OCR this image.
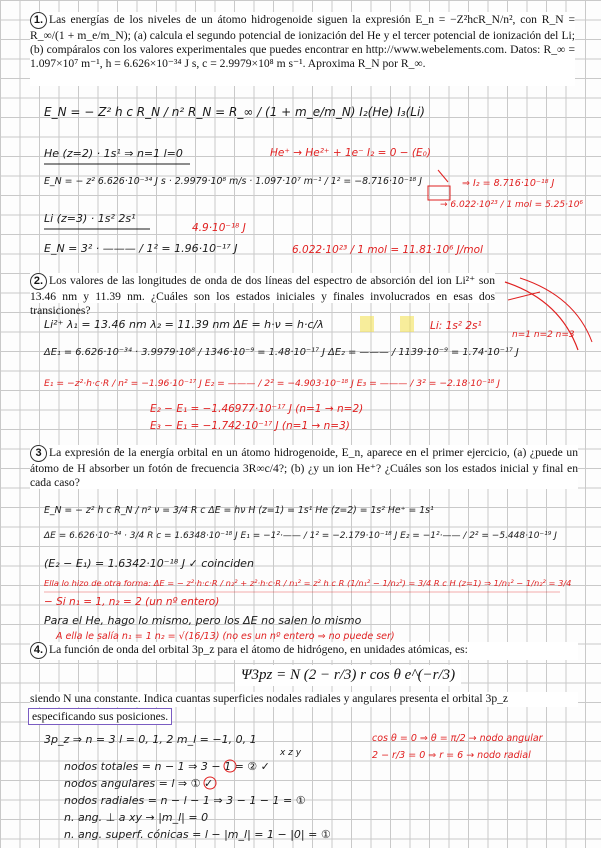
1. Las energías de los niveles de un átomo hidrogenoide siguen la expresión E_n = −Z²hcR_N/n², con R_N = R_∞/(1 + m_e/m_N); (a) calcula el segundo potencial de ionización del He y el tercer potencial de ionización del Li; (b) compáralos con los valores experimentales que puedes encontrar en http://www.webelements.com. Datos: R_∞ = 1.097×10⁷ m⁻¹, h = 6.626×10⁻³⁴ J s, c = 2.9979×10⁸ m s⁻¹. Aproxima R_N por R_∞.
E_N = − Z² h c R_N / n² R_N = R_∞ / (1 + m_e/m_N) I₂(He) I₃(Li)
He (z=2) · 1s¹ ⇒ n=1 l=0	He⁺ → He²⁺ + 1e⁻ I₂ = 0 − (E₀)
E_N = − z² 6.626·10⁻³⁴ J s · 2.9979·10⁸ m/s · 1.097·10⁷ m⁻¹ / 1² = −8.716·10⁻¹⁸ J	⇒ I₂ = 8.716·10⁻¹⁸ J
→ 6.022·10²³ / 1 mol = 5.25·10⁶
Li (z=3) · 1s² 2s¹
E_N = 3² · ——— / 1² = 1.96·10⁻¹⁷ J
4.9·10⁻¹⁸ J
6.022·10²³ / 1 mol = 11.81·10⁶ J/mol
2. Los valores de las longitudes de onda de dos líneas del espectro de absorción del ion Li²⁺ son 13.46 nm y 11.39 nm. ¿Cuáles son los estados iniciales y finales involucrados en esas dos transiciones?
Li²⁺ λ₁ = 13.46 nm λ₂ = 11.39 nm ΔE = h·ν = h·c/λ	Li: 1s² 2s¹
ΔE₁ = 6.626·10⁻³⁴ · 3.9979·10⁸ / 1346·10⁻⁹ = 1.48·10⁻¹⁷ J ΔE₂ = ——— / 1139·10⁻⁹ = 1.74·10⁻¹⁷ J
E₁ = −z²·h·c·R / n² = −1.96·10⁻¹⁷ J E₂ = ——— / 2² = −4.903·10⁻¹⁸ J E₃ = ——— / 3² = −2.18·10⁻¹⁸ J
E₂ − E₁ = −1.46977·10⁻¹⁷ J (n=1 → n=2)
E₃ − E₁ = −1.742·10⁻¹⁷ J (n=1 → n=3)
n=1 n=2 n=3
3 La expresión de la energía orbital en un átomo hidrogenoide, E_n, aparece en el primer ejercicio, (a) ¿puede un átomo de H absorber un fotón de frecuencia 3R∞c/4?; (b) ¿y un ion He⁺? ¿Cuáles son los estados inicial y final en cada caso?
E_N = − z² h c R_N / n² ν = 3/4 R c ΔE = hν H (z=1) = 1s¹ He (z=2) = 1s² He⁺ = 1s¹
ΔE = 6.626·10⁻³⁴ · 3/4 R c = 1.6348·10⁻¹⁸ J E₁ = −1²·—— / 1² = −2.179·10⁻¹⁸ J E₂ = −1²·—— / 2² = −5.448·10⁻¹⁹ J
(E₂ − E₁) = 1.6342·10⁻¹⁸ J ✓ coinciden
Ella lo hizo de otra forma: ΔE = − z²·h·c·R / n₂² + z²·h·c·R / n₁² = z² h c R (1/n₁² − 1/n₂²) = 3/4 R c H (z=1) ⇒ 1/n₁² − 1/n₂² = 3/4
− Si n₁ = 1, n₂ = 2 (un nº entero)
Para el He, hago lo mismo, pero los ΔE no salen lo mismo
A ella le salía n₁ = 1 n₂ = √(16/13) (no es un nº entero ⇒ no puede ser)
4. La función de onda del orbital 3p_z para el átomo de hidrógeno, en unidades atómicas, es:
Ψ3pz = N (2 − r/3) r cos θ e^(−r/3)
siendo N una constante. Indica cuantas superficies nodales radiales y angulares presenta el orbital 3p_z
especificando sus posiciones.
3p_z ⇒ n = 3 l = 0, 1, 2 m_l = −1, 0, 1
x z y
cos θ = 0 ⇒ θ = π/2 → nodo angular
nodos totales = n − 1 ⇒ 3 − 1 = ② ✓
2 − r/3 = 0 ⇒ r = 6 → nodo radial
nodos angulares = l ⇒ ① ✓
nodos radiales = n − l − 1 ⇒ 3 − 1 − 1 = ①
n. ang. ⊥ a xy → |m_l| = 0
n. ang. superf. cónicas = l − |m_l| = 1 − |0| = ①
